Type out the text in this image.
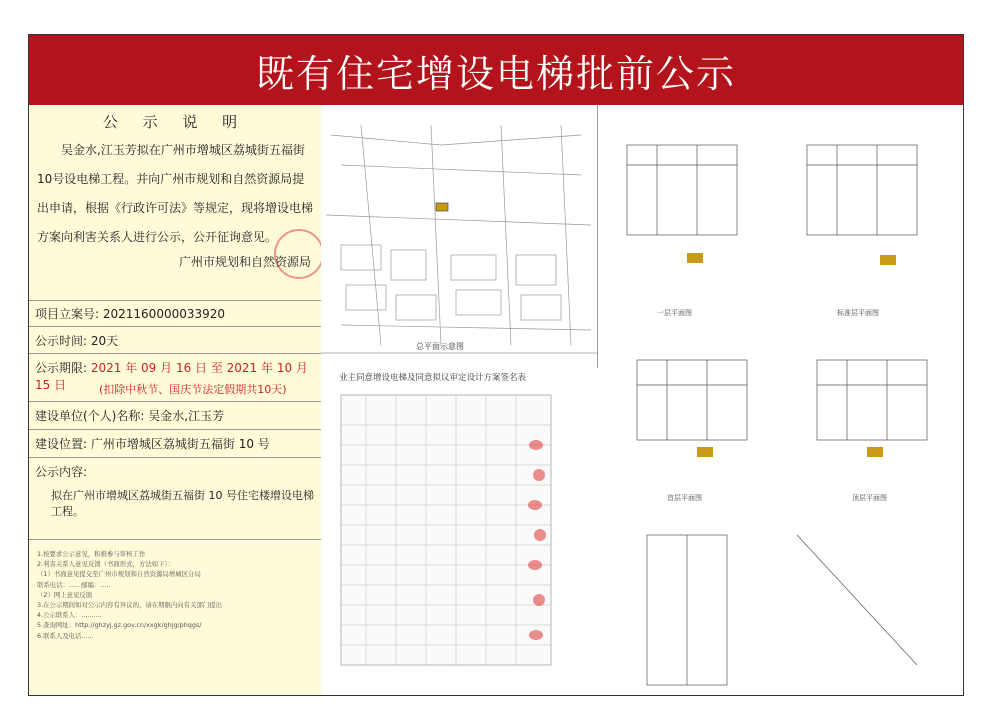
既有住宅增设电梯批前公示
公 示 说 明
吴金水,江玉芳拟在广州市增城区荔城街五福街 10号设电梯工程。并向广州市规划和自然资源局提出申请，根据《行政许可法》等规定，现将增设电梯方案向利害关系人进行公示，公开征询意见。
广州市规划和自然资源局
项目立案号: 2021160000033920
公示时间: 20天
公示期限: 2021 年 09 月 16 日 至 2021 年 10 月 15 日	(扣除中秋节、国庆节法定假期共10天)
建设单位(个人)名称: 吴金水,江玉芳
建设位置: 广州市增城区荔城街五福街 10 号
公示内容:
拟在广州市增城区荔城街五福街 10 号住宅楼增设电梯工程。
1.按要求公示意见，积极参与审核工作
2.利害关系人意见反馈（书面形式，方法如下）：
（1）书面意见提交至广州市规划和自然资源局增城区分局
联系电话：..... 邮编：.....
（2）网上意见反馈
3.在公示期间如对公示内容有异议的，请在期限内向有关部门提出
4.公示联系人：..........
5.查询网址：http://ghzyj.gz.gov.cn/xxgk/ghjg/phqgs/
6.联系人及电话......
总平面示意图
业主同意增设电梯及同意拟议审定设计方案签名表
一层平面图	标准层平面图
首层平面图	顶层平面图
